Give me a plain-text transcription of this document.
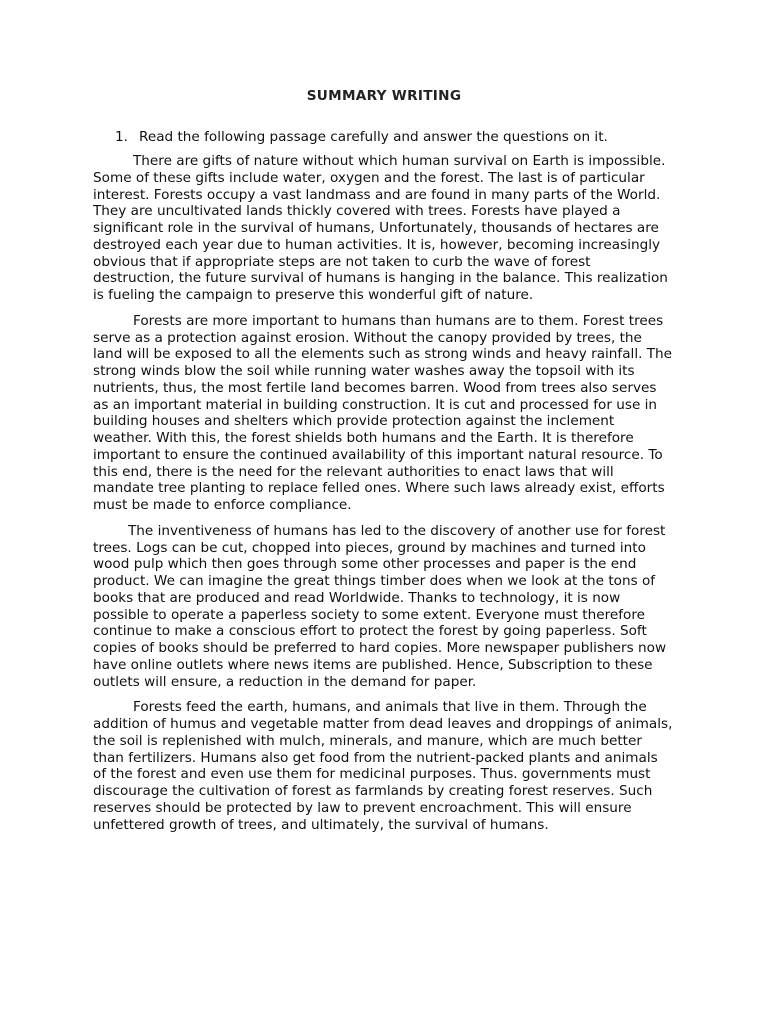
SUMMARY WRITING
1. Read the following passage carefully and answer the questions on it.

There are gifts of nature without which human survival on Earth is impossible. Some of these gifts include water, oxygen and the forest. The last is of particular interest. Forests occupy a vast landmass and are found in many parts of the World. They are uncultivated lands thickly covered with trees. Forests have played a significant role in the survival of humans, Unfortunately, thousands of hectares are destroyed each year due to human activities. It is, however, becoming increasingly obvious that if appropriate steps are not taken to curb the wave of forest destruction, the future survival of humans is hanging in the balance. This realization is fueling the campaign to preserve this wonderful gift of nature.

Forests are more important to humans than humans are to them. Forest trees serve as a protection against erosion. Without the canopy provided by trees, the land will be exposed to all the elements such as strong winds and heavy rainfall. The strong winds blow the soil while running water washes away the topsoil with its nutrients, thus, the most fertile land becomes barren. Wood from trees also serves as an important material in building construction. It is cut and processed for use in building houses and shelters which provide protection against the inclement weather. With this, the forest shields both humans and the Earth. It is therefore important to ensure the continued availability of this important natural resource. To this end, there is the need for the relevant authorities to enact laws that will mandate tree planting to replace felled ones. Where such laws already exist, efforts must be made to enforce compliance.

The inventiveness of humans has led to the discovery of another use for forest trees. Logs can be cut, chopped into pieces, ground by machines and turned into wood pulp which then goes through some other processes and paper is the end product. We can imagine the great things timber does when we look at the tons of books that are produced and read Worldwide. Thanks to technology, it is now possible to operate a paperless society to some extent. Everyone must therefore continue to make a conscious effort to protect the forest by going paperless. Soft copies of books should be preferred to hard copies. More newspaper publishers now have online outlets where news items are published. Hence, Subscription to these outlets will ensure, a reduction in the demand for paper.

Forests feed the earth, humans, and animals that live in them. Through the addition of humus and vegetable matter from dead leaves and droppings of animals, the soil is replenished with mulch, minerals, and manure, which are much better than fertilizers. Humans also get food from the nutrient-packed plants and animals of the forest and even use them for medicinal purposes. Thus. governments must discourage the cultivation of forest as farmlands by creating forest reserves. Such reserves should be protected by law to prevent encroachment. This will ensure unfettered growth of trees, and ultimately, the survival of humans.
